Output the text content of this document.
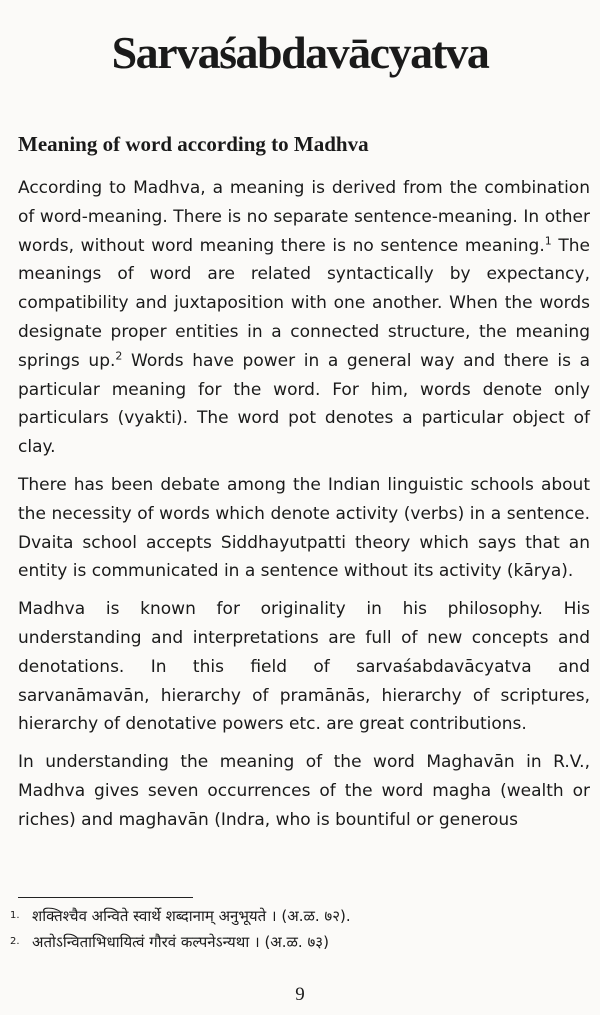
Sarvaśabdavācyatva
Meaning of word according to Madhva

According to Madhva, a meaning is derived from the combination of word-meaning. There is no separate sentence-meaning. In other words, without word meaning there is no sentence meaning.$^1$ The meanings of word are related syntactically by expectancy, compatibility and juxtaposition with one another. When the words designate proper entities in a connected structure, the meaning springs up.$^2$ Words have power in a general way and there is a particular meaning for the word. For him, words denote only particulars (vyakti). The word pot denotes a particular object of clay.

There has been debate among the Indian linguistic schools about the necessity of words which denote activity (verbs) in a sentence. Dvaita school accepts Siddhayutpatti theory which says that an entity is communicated in a sentence without its activity (kārya).

Madhva is known for originality in his philosophy. His understanding and interpretations are full of new concepts and denotations. In this field of sarvaśabdavācyatva and sarvanāmavān, hierarchy of pramānās, hierarchy of scriptures, hierarchy of denotative powers etc. are great contributions.

In understanding the meaning of the word Maghavān in R.V., Madhva gives seven occurrences of the word magha (wealth or riches) and maghavān (Indra, who is bountiful or generous

1. शक्तिश्चैव अन्विते स्वार्थे शब्दानाम् अनुभूयते । (अ.ळ. ७२).
2. अतोऽन्विताभिधायित्वं गौरवं कल्पनेऽन्यथा । (अ.ळ. ७३)
9
